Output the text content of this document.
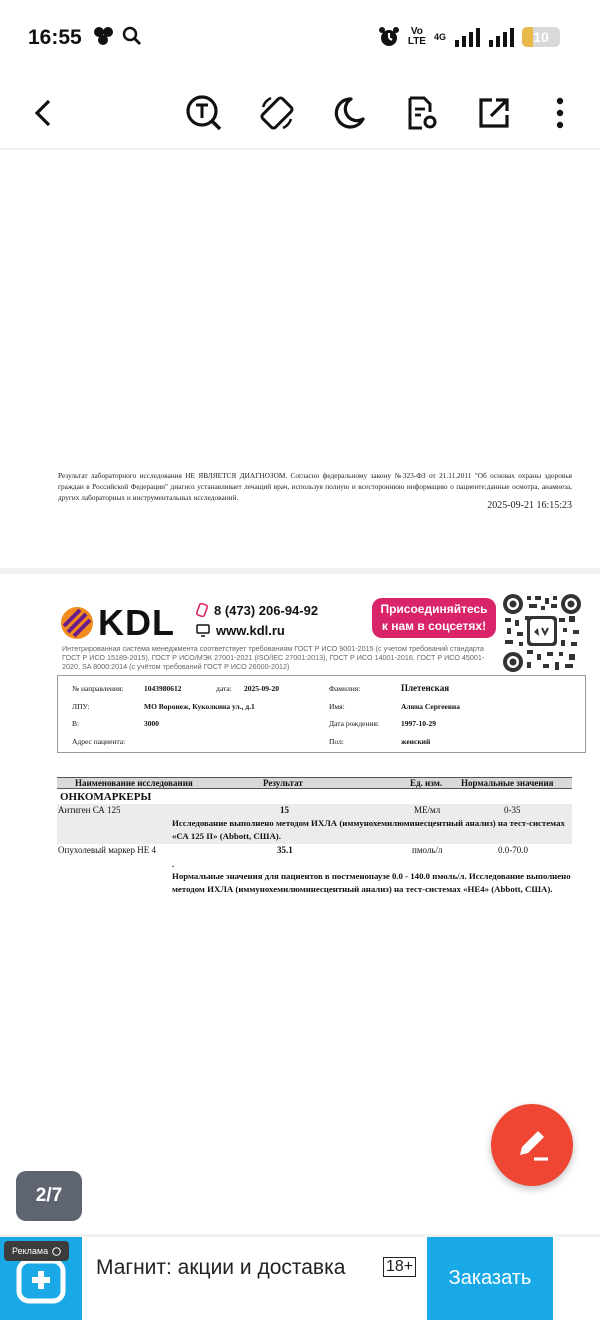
16:55	Vo
LTE 4G	10

Результат лабораторного исследования НЕ ЯВЛЯЕТСЯ ДИАГНОЗОМ. Согласно федеральному закону №323-ФЗ от 21.11.2011 "Об основах охраны здоровья граждан в Российской Федерации" диагноз устанавливает лечащий врач, используя полную и всестороннюю информацию о пациенте:данные осмотра, анамнеза, других лабораторных и инструментальных исследований.

2025-09-21 16:15:23
KDL	8 (473) 206-94-92
www.kdl.ru
Присоединяйтесь
к нам в соцсетях!

Интегрированная система менеджмента соответствует требованиям ГОСТ Р ИСО 9001-2015 (с учетом требований стандарта ГОСТ Р ИСО 15189-2015), ГОСТ Р ИСО/МЭК 27001-2021 (ISO/IEC 27001:2013), ГОСТ Р ИСО 14001-2016, ГОСТ Р ИСО 45001-2020, SA 8000:2014 (с учётом требований ГОСТ Р ИСО 26000-2012)

№ направления:	1043980612	дата: 2025-09-20
ЛПУ:	МО Воронеж, Куколкина ул., д.1
В:	3000
Адрес пациента:
Фамилия:	Плетенская
Имя:	Алина Сергеевна
Дата рождения:	1997-10-29
Пол:	женский
Наименование исследования	Результат	Ед. изм. Нормальные значения
ОНКОМАРКЕРЫ
Антиген СА 125	15	МЕ/мл	0-35

Исследование выполнено методом ИХЛА (иммунохемилюминесцентный анализ) на тест-системах «СА 125 II» (Abbott, США).

Опухолевый маркер НЕ 4	35.1	пмоль/л	0.0-70.0
.

Нормальные значения для пациентов в постменопаузе 0.0 - 140.0 пмоль/л. Исследование выполнено методом ИХЛА (иммунохемилюминесцентный анализ) на тест-системах «HE4» (Abbott, США).

2/7
Реклама
Магнит: акции и доставка	18+
Заказать
